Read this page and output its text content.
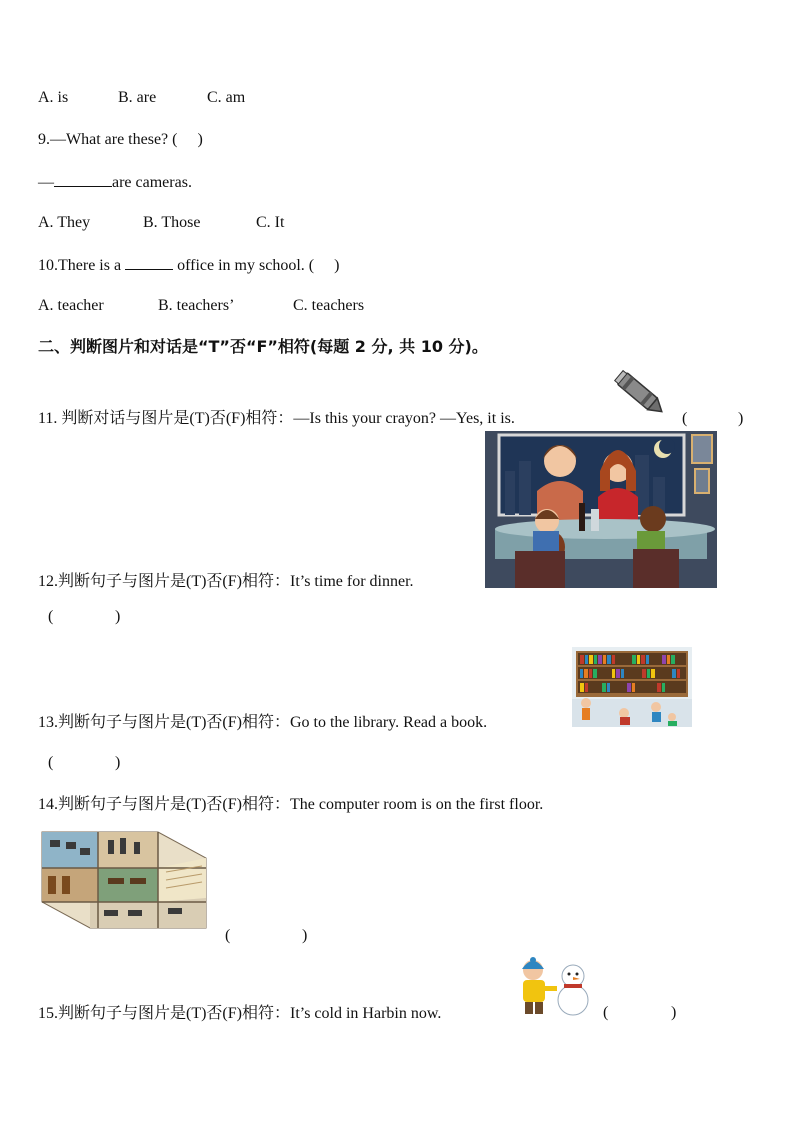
A. is	B. are	C. am
9.—What are these? ( )
—	are cameras.
A. They	B. Those	C. It
10.There is a	office in my school. ( )
A. teacher	B. teachers’	C. teachers
二、判断图片和对话是“T”否“F”相符(每题 2 分, 共 10 分)。
11. 判断对话与图片是(T)否(F)相符：—Is this your crayon? —Yes, it is.	(	)
12.判断句子与图片是(T)否(F)相符：It’s time for dinner.
(	)
13.判断句子与图片是(T)否(F)相符：Go to the library. Read a book.
(	)
14.判断句子与图片是(T)否(F)相符：The computer room is on the first floor.
(	)
15.判断句子与图片是(T)否(F)相符：It’s cold in Harbin now.	(	)
